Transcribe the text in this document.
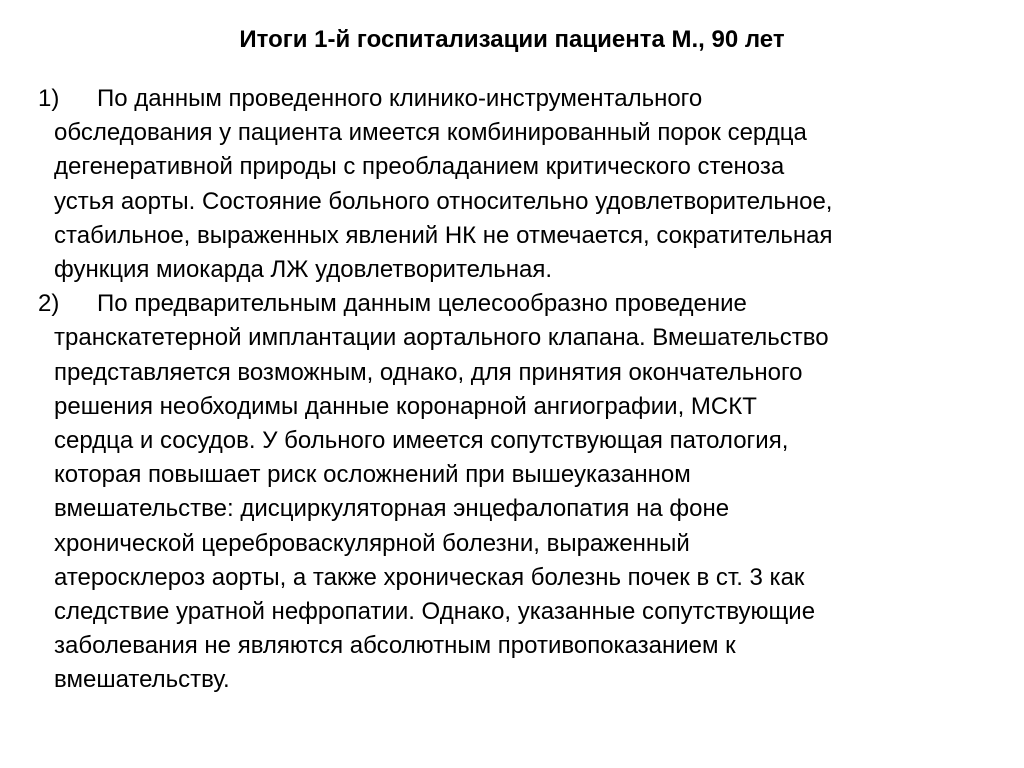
Итоги 1-й госпитализации пациента М., 90 лет
1)	По данным проведенного клинико-инструментального
обследования у пациента имеется комбинированный порок сердца
дегенеративной природы с преобладанием критического стеноза
устья аорты. Состояние больного относительно удовлетворительное,
стабильное, выраженных явлений НК не отмечается, сократительная
функция миокарда ЛЖ удовлетворительная.
2)	По предварительным данным целесообразно проведение
транскатетерной имплантации аортального клапана. Вмешательство
представляется возможным, однако, для принятия окончательного
решения необходимы данные коронарной ангиографии, МСКТ
сердца и сосудов. У больного имеется сопутствующая патология,
которая повышает риск осложнений при вышеуказанном
вмешательстве: дисциркуляторная энцефалопатия на фоне
хронической цереброваскулярной болезни, выраженный
атеросклероз аорты, а также хроническая болезнь почек в ст. 3 как
следствие уратной нефропатии. Однако, указанные сопутствующие
заболевания не являются абсолютным противопоказанием к
вмешательству.
